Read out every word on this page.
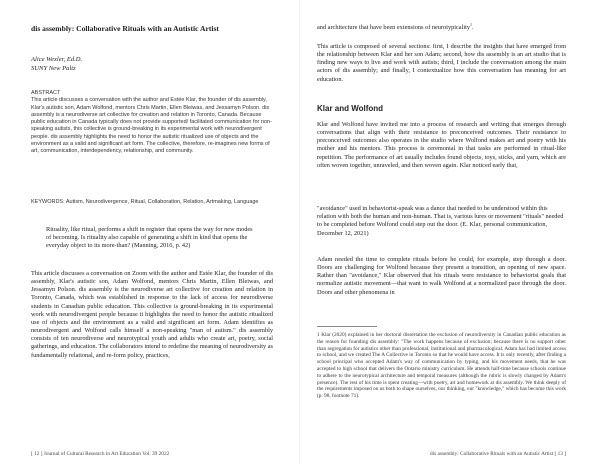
dis assembly: Collaborative Rituals with an Autistic Artist
Alice Wexler, Ed.D.
SUNY New Paltz

ABSTRACT

This article discusses a conversation with the author and Estée Klar, the founder of dis assembly, Klar's autistic son, Adam Wolfond, mentors Chris Martin, Ellen Bleiwas, and Jessamyn Polson. dis assembly is a neurodiverse art collective for creation and relation in Toronto, Canada. Because public education in Canada typically does not provide supported/ facilitated communication for non-speaking autists, this collective is ground-breaking in its experimental work with neurodivergent people. dis assembly highlights the need to honor the autistic ritualized use of objects and the environment as a valid and significant art form. The collective, therefore, re-imagines new forms of art, communication, interdependency, relationship, and community.

KEYWORDS: Autism, Neurodivergence, Ritual, Collaboration, Relation, Artmaking, Language
Rituality, like ritual, performs a shift in register that opens the way for new modes of becoming. Is rituality also capable of generating a shift in kind that opens the everyday object to its more-than? (Manning, 2016, p. 42)
This article discusses a conversation on Zoom with the author and Estée Klar, the founder of dis assembly, Klar's autistic son, Adam Wolfond, mentors Chris Martin, Ellen Bleiwas, and Jessamyn Polson. dis assembly is the neurodiverse art collective for creation and relation in Toronto, Canada, which was established in response to the lack of access for neurodiverse students in Canadian public education. This collective is ground-breaking in its experimental work with neurodivergent people because it highlights the need to honor the autistic ritualized use of objects and the environment as a valid and significant art form. Adam identifies as neurodivergent and Wolfond calls himself a non-speaking "man of autism." dis assembly consists of ten neurodiverse and neurotypical youth and adults who create art, poetry, social gatherings, and education. The collaborators intend to redefine the meaning of neurodiversity as fundamentally relational, and re-form policy, practices,
[ 12 ] Journal of Cultural Research in Art Education Vol. 39 2022
and architecture that have been extensions of neurotypicality$^1$.
This article is composed of several sections: first, I describe the insights that have emerged from the relationship between Klar and her son Adam; second, how dis assembly is an art studio that is finding new ways to live and work with autists; third, I include the conversation among the main actors of dis assembly; and finally, I contextualize how this conversation has meaning for art education.
Klar and Wolfond
Klar and Wolfond have invited me into a process of research and writing that emerges through conversations that align with their resistance to preconceived outcomes. Their resistance to preconceived outcomes also operates in the studio where Wolfond makes art and poetry with his mother and his mentors. This process is ceremonial in that tasks are performed in ritual-like repetition. The performance of art usually includes found objects, toys, sticks, and yarn, which are often woven together, unraveled, and then woven again. Klar noticed early that,
"avoidance" used in behaviorist-speak was a dance that needed to be understood within this relation with both the human and non-human. That is, various lures or movement "rituals" needed to be completed before Wolfond could step out the door. (E. Klar, personal communication, December 12, 2021)
Adam needed the time to complete rituals before he could, for example, step through a door. Doors are challenging for Wolfond because they present a transition, an opening of new space. Rather than "avoidance," Klar observed that his rituals were resistance to behaviorist goals that normalize autistic movement—that want to walk Wolfond at a normalized pace through the door. Doors and other phenomena in
1 Klar (2020) explained in her doctoral dissertation the exclusion of neurodiversity in Canadian public education as the reason for founding dis assembly: "The work happens because of exclusion; because there is no support other than segregation for autistics other than professional, institutional and pharmacological. Adam has had limited access to school, and we created The A Collective in Toronto so that he would have access. It is only recently, after finding a school principal who accepted Adam's way of communication by typing, and his movement needs, that he was accepted to high school that delivers the Ontario ministry curriculum. He attends half-time because schools continue to adhere to the neurotypical architecture and temporal measures (although the rubric is slowly changed by Adam's presence). The rest of his time is spent creating—with poetry, art and homework at dis assembly. We think deeply of the requirements imposed on us both to shape ourselves, our thinking, our "knowledge," which has become this work (p. 98, footnote 71).
dis assembly: Collaborative Rituals with an Autistic Artist [ 13 ]
